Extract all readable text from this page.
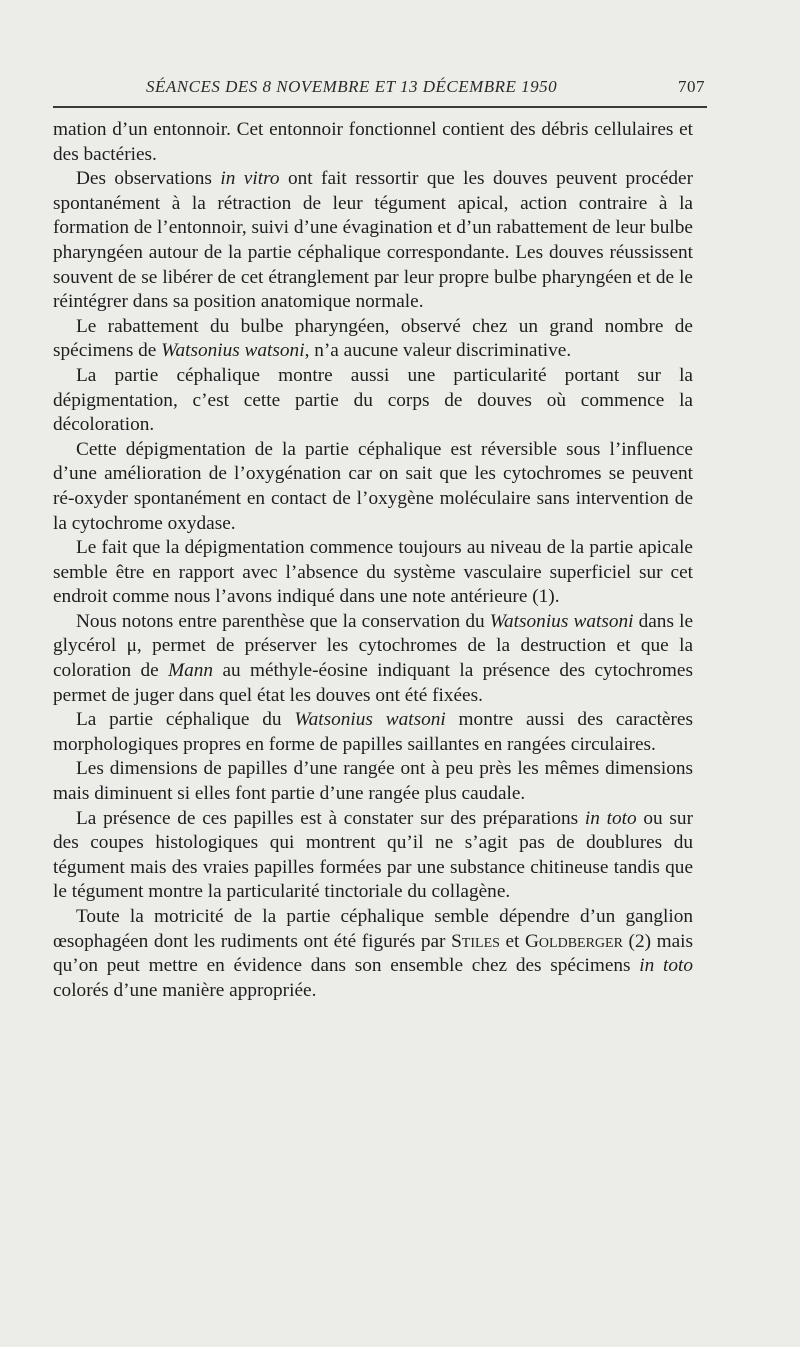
SÉANCES DES 8 NOVEMBRE ET 13 DÉCEMBRE 1950	707

mation d’un entonnoir. Cet entonnoir fonctionnel contient des débris cellulaires et des bactéries.

Des observations in vitro ont fait ressortir que les douves peuvent procéder spontanément à la rétraction de leur tégument apical, action contraire à la formation de l’entonnoir, suivi d’une évagination et d’un rabattement de leur bulbe pharyngéen autour de la partie céphalique correspondante. Les douves réussissent souvent de se libérer de cet étranglement par leur propre bulbe pharyngéen et de le réintégrer dans sa position anatomique normale.

Le rabattement du bulbe pharyngéen, observé chez un grand nombre de spécimens de Watsonius watsoni, n’a aucune valeur discriminative.

La partie céphalique montre aussi une particularité portant sur la dépigmentation, c’est cette partie du corps de douves où commence la décoloration.

Cette dépigmentation de la partie céphalique est réversible sous l’influence d’une amélioration de l’oxygénation car on sait que les cytochromes se peuvent ré-oxyder spontanément en contact de l’oxygène moléculaire sans intervention de la cytochrome oxydase.

Le fait que la dépigmentation commence toujours au niveau de la partie apicale semble être en rapport avec l’absence du système vasculaire superficiel sur cet endroit comme nous l’avons indiqué dans une note antérieure (1).

Nous notons entre parenthèse que la conservation du Watsonius watsoni dans le glycérol μ, permet de préserver les cytochromes de la destruction et que la coloration de Mann au méthyle-éosine indiquant la présence des cytochromes permet de juger dans quel état les douves ont été fixées.

La partie céphalique du Watsonius watsoni montre aussi des caractères morphologiques propres en forme de papilles saillantes en rangées circulaires.

Les dimensions de papilles d’une rangée ont à peu près les mêmes dimensions mais diminuent si elles font partie d’une rangée plus caudale.

La présence de ces papilles est à constater sur des préparations in toto ou sur des coupes histologiques qui montrent qu’il ne s’agit pas de doublures du tégument mais des vraies papilles formées par une substance chitineuse tandis que le tégument montre la particularité tinctoriale du collagène.

Toute la motricité de la partie céphalique semble dépendre d’un ganglion œsophagéen dont les rudiments ont été figurés par Stiles et Goldberger (2) mais qu’on peut mettre en évidence dans son ensemble chez des spécimens in toto colorés d’une manière appropriée.
